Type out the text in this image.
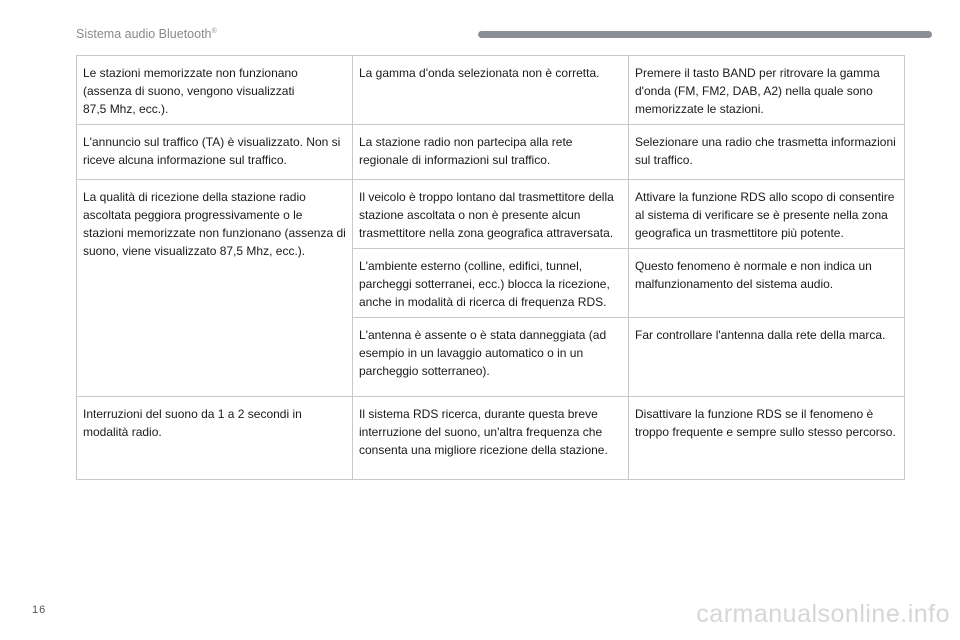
Sistema audio Bluetooth®
Le stazioni memorizzate non funzionano
(assenza di suono, vengono visualizzati
87,5 Mhz, ecc.).	La gamma d'onda selezionata non è corretta.	Premere il tasto BAND per ritrovare la gamma d'onda (FM, FM2, DAB, A2) nella quale sono memorizzate le stazioni.
L'annuncio sul traffico (TA) è visualizzato. Non si riceve alcuna informazione sul traffico.	La stazione radio non partecipa alla rete regionale di informazioni sul traffico.	Selezionare una radio che trasmetta informazioni sul traffico.
La qualità di ricezione della stazione radio ascoltata peggiora progressivamente o le stazioni memorizzate non funzionano (assenza di suono, viene visualizzato 87,5 Mhz, ecc.).	Il veicolo è troppo lontano dal trasmettitore della stazione ascoltata o non è presente alcun trasmettitore nella zona geografica attraversata.	Attivare la funzione RDS allo scopo di consentire al sistema di verificare se è presente nella zona geografica un trasmettitore più potente.
	L'ambiente esterno (colline, edifici, tunnel, parcheggi sotterranei, ecc.) blocca la ricezione, anche in modalità di ricerca di frequenza RDS.	Questo fenomeno è normale e non indica un malfunzionamento del sistema audio.
	L'antenna è assente o è stata danneggiata (ad esempio in un lavaggio automatico o in un parcheggio sotterraneo).	Far controllare l'antenna dalla rete della marca.
Interruzioni del suono da 1 a 2 secondi in modalità radio.	Il sistema RDS ricerca, durante questa breve interruzione del suono, un'altra frequenza che consenta una migliore ricezione della stazione.	Disattivare la funzione RDS se il fenomeno è troppo frequente e sempre sullo stesso percorso.
16	carmanualsonline.info
